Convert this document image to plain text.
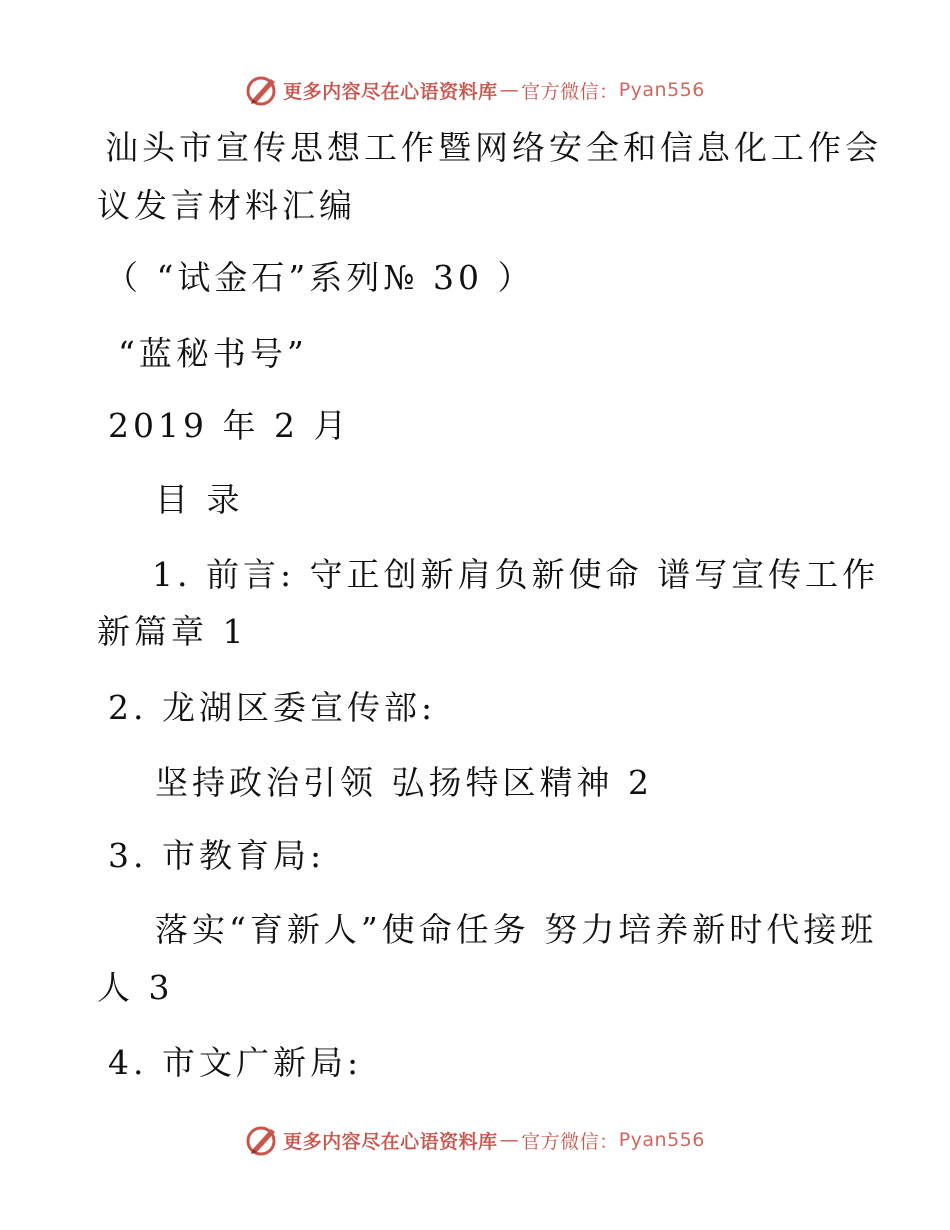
更多内容尽在心语资料库 — 官方微信： Pyan556
汕头市宣传思想工作暨网络安全和信息化工作会
议发言材料汇编
（ “试金石”系列№ 30 ）
“蓝秘书号”
2019 年 2 月
目 录
1. 前言: 守正创新肩负新使命 谱写宣传工作
新篇章 1
2. 龙湖区委宣传部:
坚持政治引领 弘扬特区精神 2
3. 市教育局:
落实“育新人”使命任务 努力培养新时代接班
人 3
4. 市文广新局:
更多内容尽在心语资料库 — 官方微信： Pyan556
